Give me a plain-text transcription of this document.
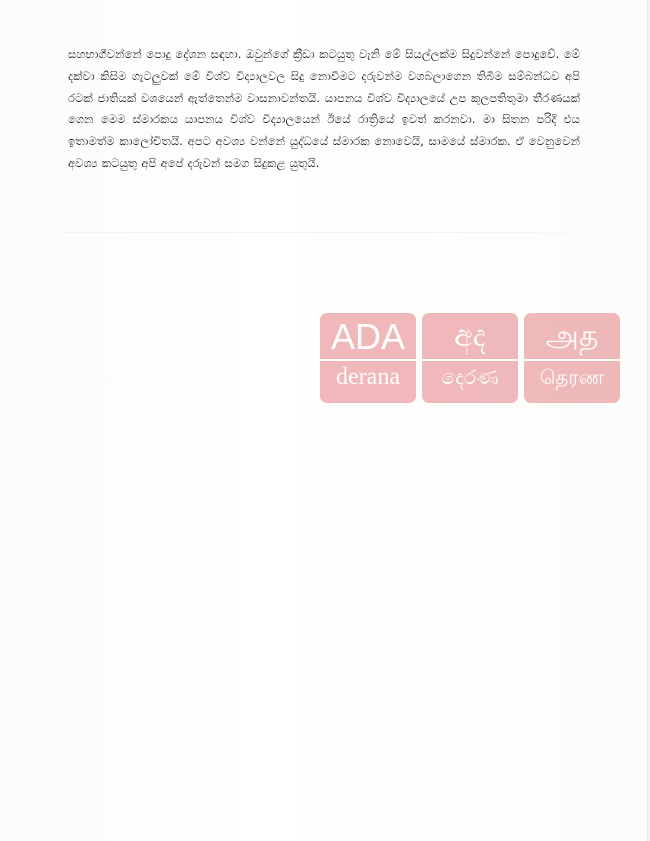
සහභාගීවන්නේ පොදු දේශන සඳහා. ඔවුන්ගේ ක්‍රීඩා කටයුතු වැනි මේ සියල්ලක්ම සිදුවන්නේ පොදුවේ. මේ දක්වා කිසිම ගැටලුවක් මේ විශ්ව විද්‍යාලවල සිදු නොවීමට දරුවන්ම වගබලාගෙන තිබීම සම්බන්ධව අපි රටක් ජාතියක් වශයෙන් ඇත්තෙන්ම වාසනාවන්තයි. යාපනය විශ්ව විද්‍යාලයේ උප කුලපතිතුමා තීරණයක් ගෙන මෙම ස්මාරකය යාපනය විශ්ව විද්‍යාලයෙන් ඊයේ රාත්‍රියේ ඉවත් කරනවා. මා සිතන පරිදි එය ඉතාමත්ම කාලෝචිතයි. අපට අවශ්‍ය වන්නේ යුද්ධයේ ස්මාරක නොවෙයි, සාමයේ ස්මාරක. ඒ වෙනුවෙන් අවශ්‍ය කටයුතු අපි අපේ දරුවන් සමග සිදුකළ යුතුයි.

ADA
derana
අද
දෙරණ
அத
தெரண
